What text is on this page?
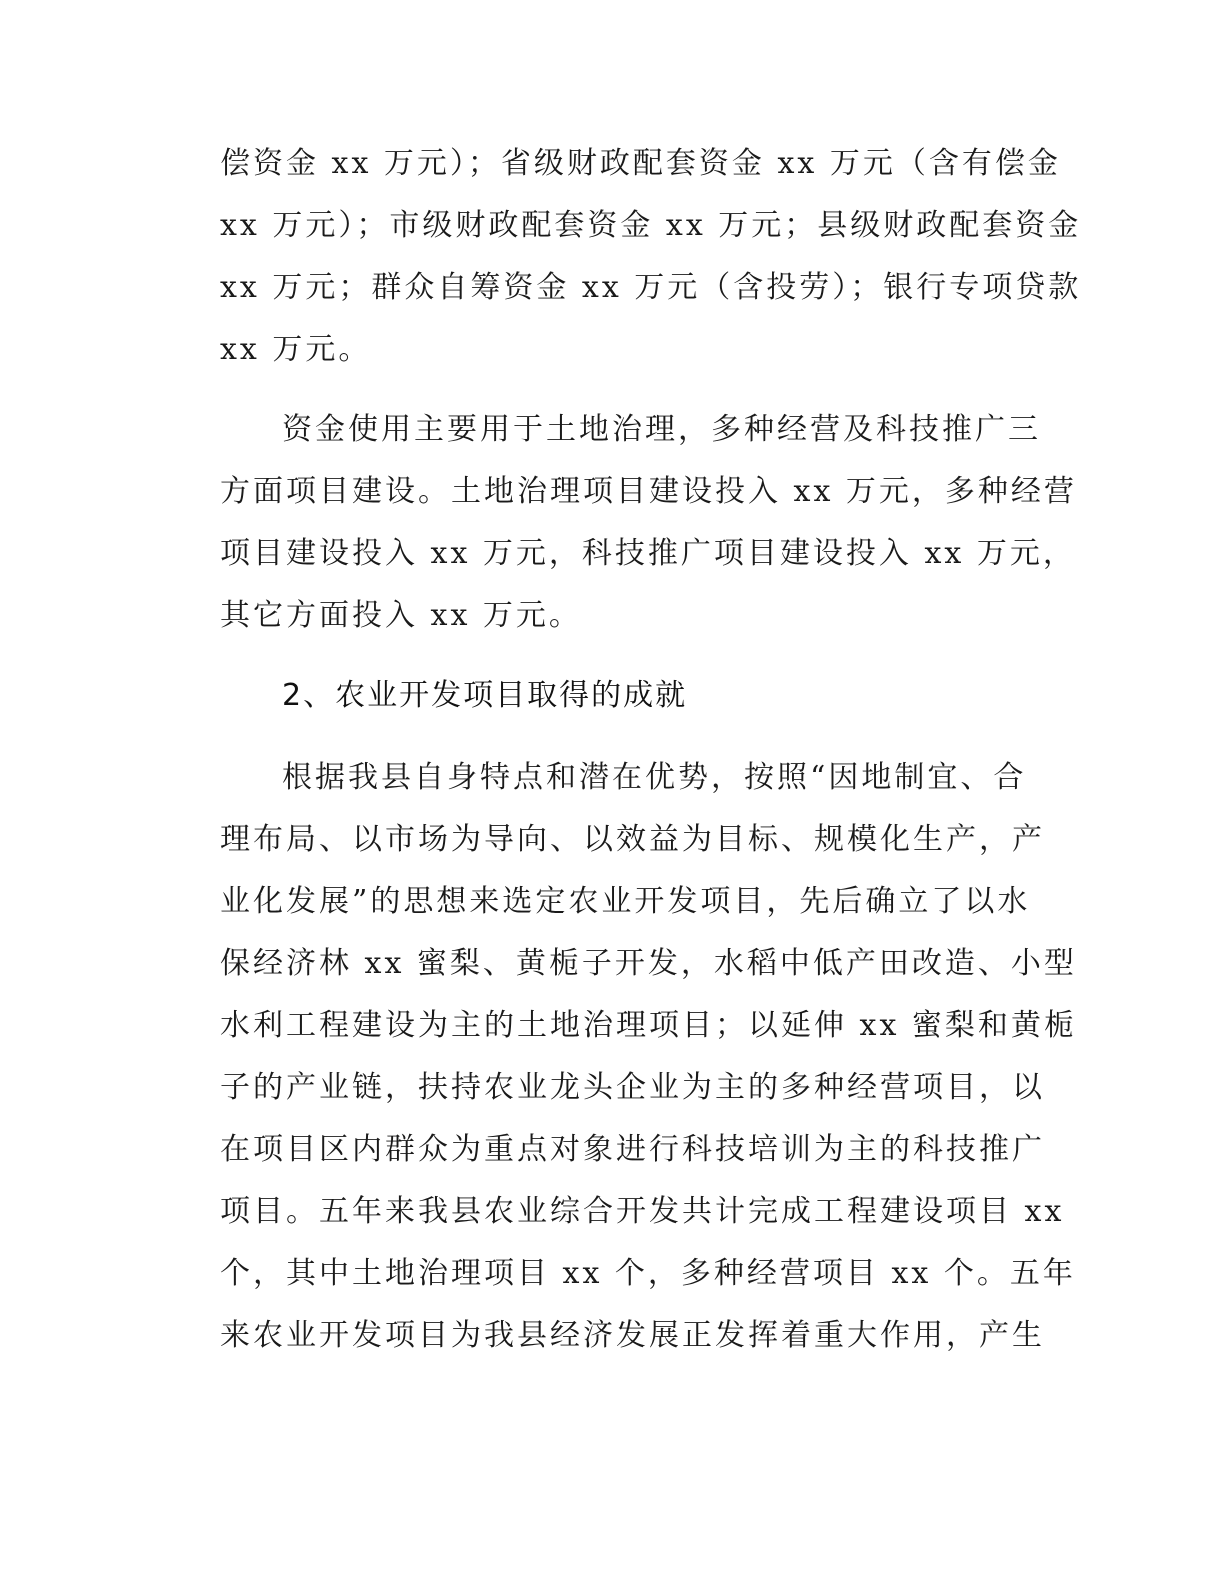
偿资金 xx 万元）；省级财政配套资金 xx 万元（含有偿金
xx 万元）；市级财政配套资金 xx 万元；县级财政配套资金
xx 万元；群众自筹资金 xx 万元（含投劳）；银行专项贷款
xx 万元。
资金使用主要用于土地治理，多种经营及科技推广三
方面项目建设。土地治理项目建设投入 xx 万元，多种经营
项目建设投入 xx 万元，科技推广项目建设投入 xx 万元，
其它方面投入 xx 万元。
2、农业开发项目取得的成就
根据我县自身特点和潜在优势，按照“因地制宜、合
理布局、以市场为导向、以效益为目标、规模化生产，产
业化发展”的思想来选定农业开发项目，先后确立了以水
保经济林 xx 蜜梨、黄栀子开发，水稻中低产田改造、小型
水利工程建设为主的土地治理项目；以延伸 xx 蜜梨和黄栀
子的产业链，扶持农业龙头企业为主的多种经营项目，以
在项目区内群众为重点对象进行科技培训为主的科技推广
项目。五年来我县农业综合开发共计完成工程建设项目 xx
个，其中土地治理项目 xx 个，多种经营项目 xx 个。五年
来农业开发项目为我县经济发展正发挥着重大作用，产生
